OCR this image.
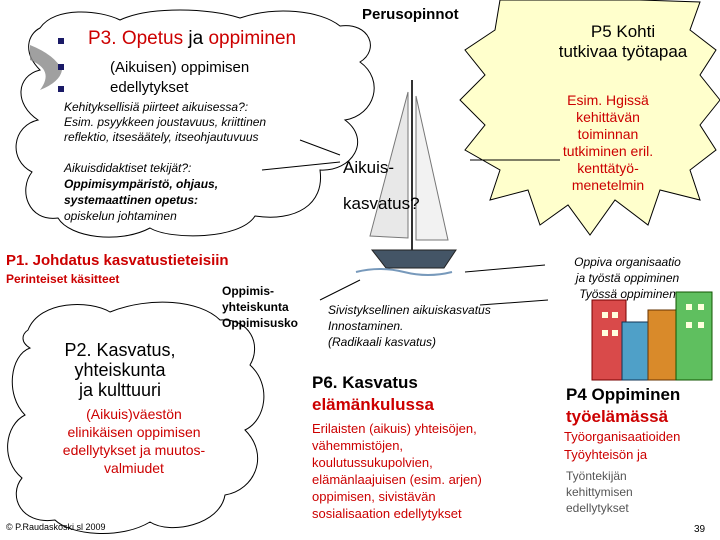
Perusopinnot
P3. Opetus ja oppiminen
(Aikuisen) oppimisen
edellytykset

Kehityksellisiä piirteet aikuisessa?:

Esim. psyykkeen joustavuus, kriittinen

reflektio, itsesäätely, itseohjautuvuus

Aikuisdidaktiset tekijät?:

Oppimisympäristö, ohjaus,

systemaattinen opetus:

opiskelun johtaminen

P5 Kohti

tutkivaa työtapaa

Esim. Hgissä

kehittävän

toiminnan

tutkiminen eril.

kenttätyö-

menetelmin

Aikuis-

kasvatus?

P1. Johdatus kasvatustieteisiin
Perinteiset käsitteet

Oppimis-

yhteiskunta

Oppimisusko

Sivistyksellinen aikuiskasvatus

Innostaminen.

(Radikaali kasvatus)

Oppiva organisaatio

ja työstä oppiminen

Työssä oppiminen

P2. Kasvatus,

yhteiskunta

ja kulttuuri

(Aikuis)väestön

elinikäisen oppimisen

edellytykset ja muutos-

valmiudet

© P.Raudaskoski sl 2009

P6. Kasvatus

elämänkulussa

Erilaisten (aikuis) yhteisöjen,

vähemmistöjen,

koulutussukupolvien,

elämänlaajuisen (esim. arjen)

oppimisen, sivistävän

sosialisaation edellytykset

P4 Oppiminen

työelämässä

Työorganisaatioiden

Työyhteisön ja

Työntekijän

kehittymisen

edellytykset

39
